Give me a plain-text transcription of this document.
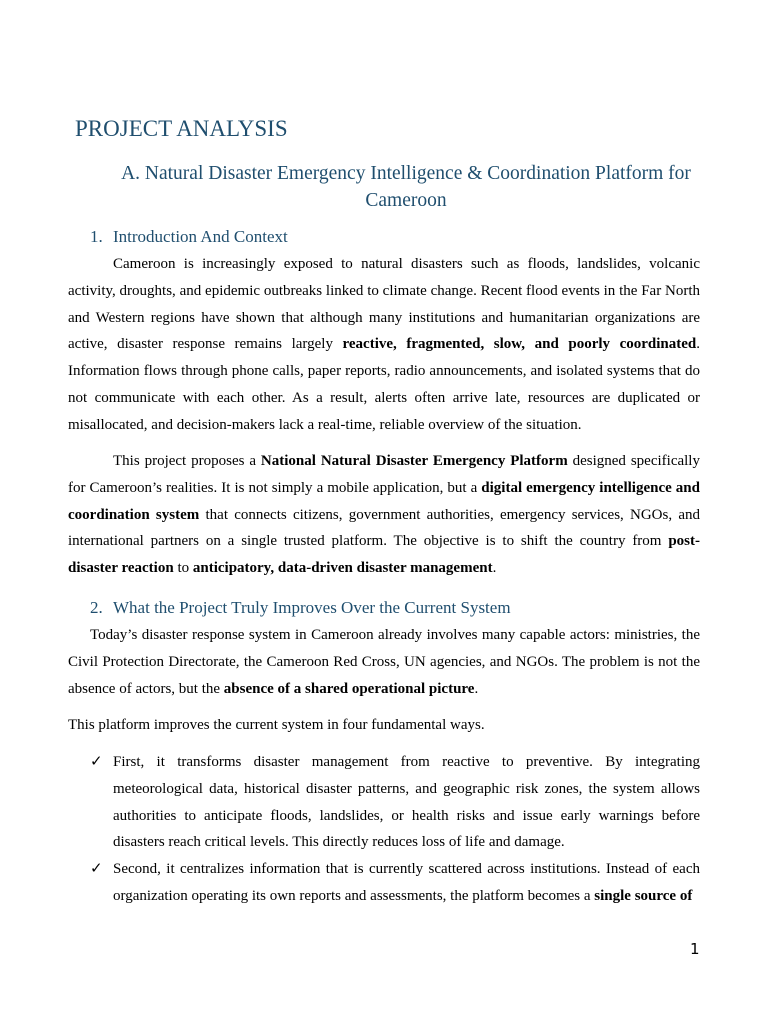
PROJECT ANALYSIS
A. Natural Disaster Emergency Intelligence & Coordination Platform for
Cameroon
1. Introduction And Context

Cameroon is increasingly exposed to natural disasters such as floods, landslides, volcanic activity, droughts, and epidemic outbreaks linked to climate change. Recent flood events in the Far North and Western regions have shown that although many institutions and humanitarian organizations are active, disaster response remains largely reactive, fragmented, slow, and poorly coordinated. Information flows through phone calls, paper reports, radio announcements, and isolated systems that do not communicate with each other. As a result, alerts often arrive late, resources are duplicated or misallocated, and decision-makers lack a real-time, reliable overview of the situation.

This project proposes a National Natural Disaster Emergency Platform designed specifically for Cameroon’s realities. It is not simply a mobile application, but a digital emergency intelligence and coordination system that connects citizens, government authorities, emergency services, NGOs, and international partners on a single trusted platform. The objective is to shift the country from post-disaster reaction to anticipatory, data-driven disaster management.

2. What the Project Truly Improves Over the Current System

Today’s disaster response system in Cameroon already involves many capable actors: ministries, the Civil Protection Directorate, the Cameroon Red Cross, UN agencies, and NGOs. The problem is not the absence of actors, but the absence of a shared operational picture.

This platform improves the current system in four fundamental ways.

✓ First, it transforms disaster management from reactive to preventive. By integrating meteorological data, historical disaster patterns, and geographic risk zones, the system allows authorities to anticipate floods, landslides, or health risks and issue early warnings before disasters reach critical levels. This directly reduces loss of life and damage.
✓ Second, it centralizes information that is currently scattered across institutions. Instead of each organization operating its own reports and assessments, the platform becomes a single source of
1
